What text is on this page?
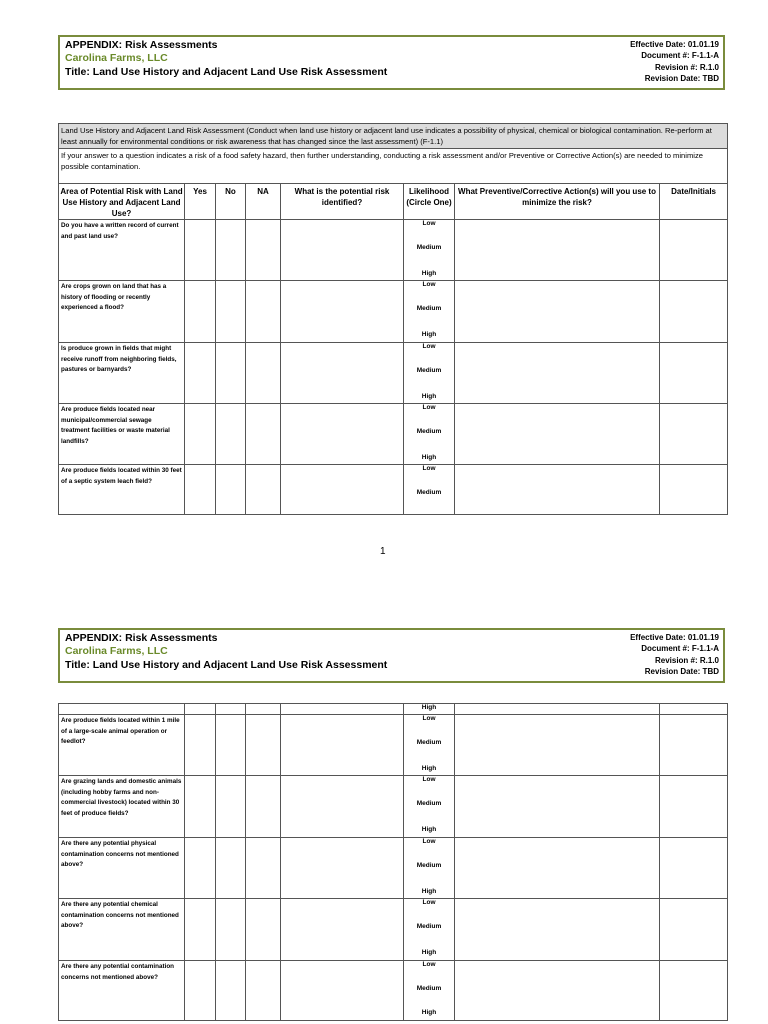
APPENDIX: Risk Assessments
Carolina Farms, LLC
Title: Land Use History and Adjacent Land Use Risk Assessment
Effective Date: 01.01.19
Document #: F-1.1-A
Revision #: R.1.0
Revision Date: TBD
Land Use History and Adjacent Land Risk Assessment (Conduct when land use history or adjacent land use indicates a possibility of physical, chemical or biological contamination. Re-perform at least annually for environmental conditions or risk awareness that has changed since the last assessment) (F-1.1)							
If your answer to a question indicates a risk of a food safety hazard, then further understanding, conducting a risk assessment and/or Preventive or Corrective Action(s) are needed to minimize possible contamination.							
Area of Potential Risk with Land Use History and Adjacent Land Use?	Yes	No	NA	What is the potential risk identified?	Likelihood (Circle One)	What Preventive/Corrective Action(s) will you use to minimize the risk?	Date/Initials
Do you have a written record of current and past land use?					Low
Medium
High		

Are crops grown on land that has a history of flooding or recently experienced a flood?					Low
Medium
High		

Is produce grown in fields that might receive runoff from neighboring fields, pastures or barnyards?					Low
Medium
High		

Are produce fields located near municipal/commercial sewage treatment facilities or waste material landfills?					Low
Medium
High		

Are produce fields located within 30 feet of a septic system leach field?					Low
Medium		

1
APPENDIX: Risk Assessments
Carolina Farms, LLC
Title: Land Use History and Adjacent Land Use Risk Assessment
Effective Date: 01.01.19
Document #: F-1.1-A
Revision #: R.1.0
Revision Date: TBD

					High		

Are produce fields located within 1 mile of a large-scale animal operation or feedlot?					Low
Medium
High		

Are grazing lands and domestic animals (including hobby farms and non-commercial livestock) located within 30 feet of produce fields?					Low
Medium
High		

Are there any potential physical contamination concerns not mentioned above?					Low
Medium
High		

Are there any potential chemical contamination concerns not mentioned above?					Low
Medium
High		

Are there any potential contamination concerns not mentioned above?					Low
Medium
High		
